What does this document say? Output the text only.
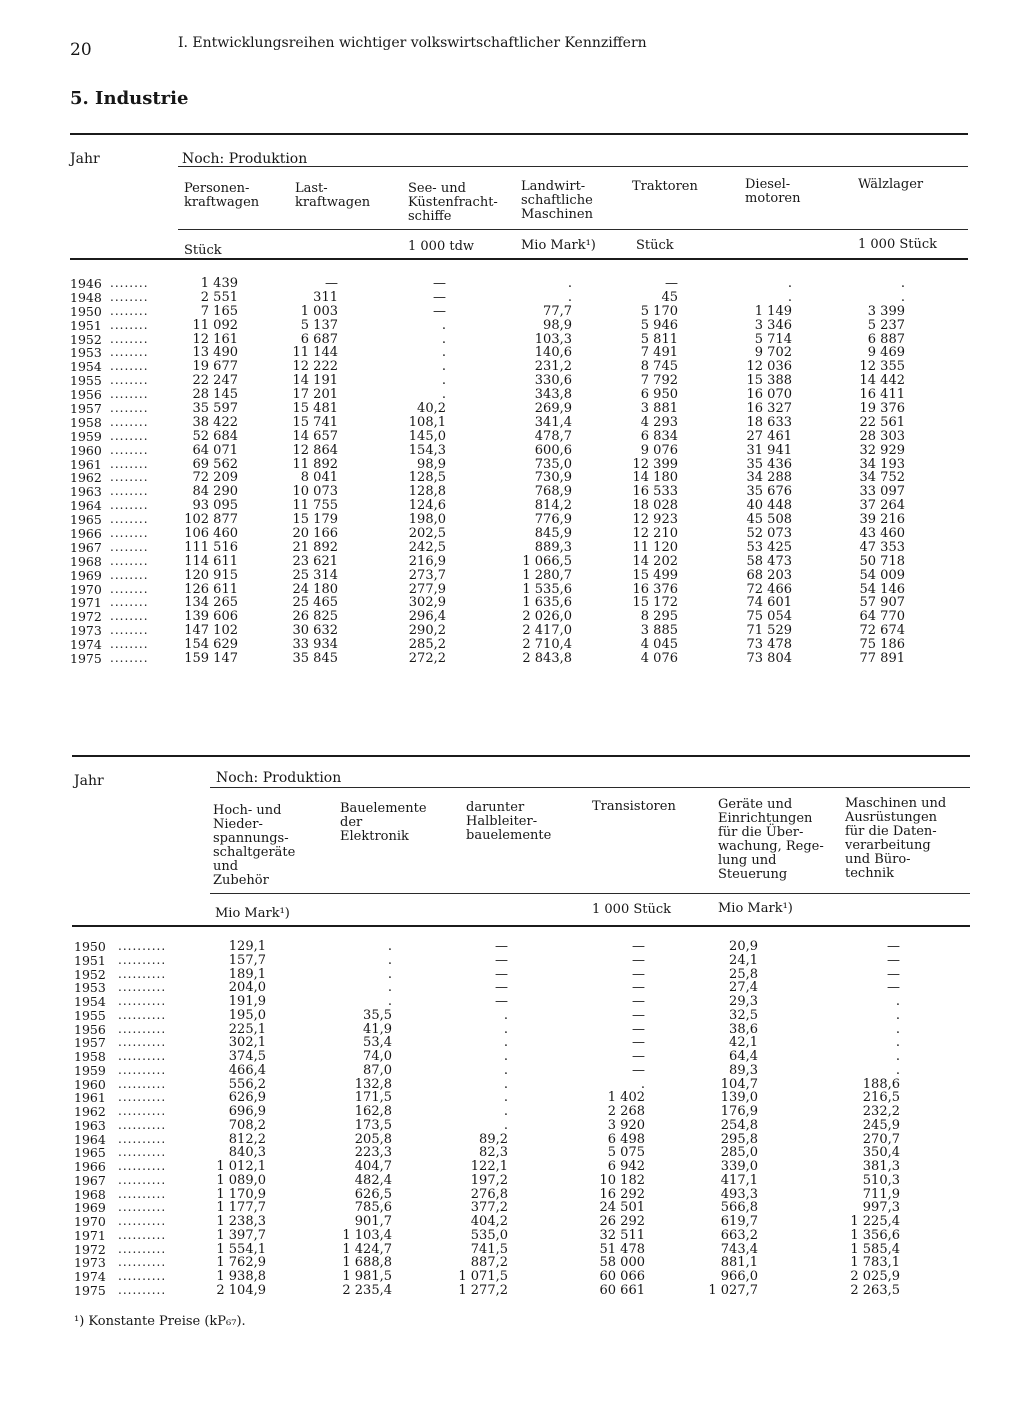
20	I. Entwicklungsreihen wichtiger volkswirtschaftlicher Kennziffern
5. Industrie
Jahr	Noch: Produktion
Personen-
kraftwagen
Last-
kraftwagen
See- und
Küstenfracht-
schiffe
Landwirt-
schaftliche
Maschinen
Traktoren	Diesel-
motoren
Wälzlager
Stück	1 000 tdw	Mio Mark¹)	Stück	1 000 Stück
1946 ........	1 439	—	—	.	—	.	.
1948 ........	2 551	311	—	.	45	.	.
1950 ........	7 165	1 003	—	77,7	5 170	1 149	3 399
1951 ........	11 092	5 137	.	98,9	5 946	3 346	5 237
1952 ........	12 161	6 687	.	103,3	5 811	5 714	6 887
1953 ........	13 490	11 144	.	140,6	7 491	9 702	9 469
1954 ........	19 677	12 222	.	231,2	8 745	12 036	12 355
1955 ........	22 247	14 191	.	330,6	7 792	15 388	14 442
1956 ........	28 145	17 201	.	343,8	6 950	16 070	16 411
1957 ........	35 597	15 481	40,2	269,9	3 881	16 327	19 376
1958 ........	38 422	15 741	108,1	341,4	4 293	18 633	22 561
1959 ........	52 684	14 657	145,0	478,7	6 834	27 461	28 303
1960 ........	64 071	12 864	154,3	600,6	9 076	31 941	32 929
1961 ........	69 562	11 892	98,9	735,0	12 399	35 436	34 193
1962 ........	72 209	8 041	128,5	730,9	14 180	34 288	34 752
1963 ........	84 290	10 073	128,8	768,9	16 533	35 676	33 097
1964 ........	93 095	11 755	124,6	814,2	18 028	40 448	37 264
1965 ........	102 877	15 179	198,0	776,9	12 923	45 508	39 216
1966 ........	106 460	20 166	202,5	845,9	12 210	52 073	43 460
1967 ........	111 516	21 892	242,5	889,3	11 120	53 425	47 353
1968 ........	114 611	23 621	216,9	1 066,5	14 202	58 473	50 718
1969 ........	120 915	25 314	273,7	1 280,7	15 499	68 203	54 009
1970 ........	126 611	24 180	277,9	1 535,6	16 376	72 466	54 146
1971 ........	134 265	25 465	302,9	1 635,6	15 172	74 601	57 907
1972 ........	139 606	26 825	296,4	2 026,0	8 295	75 054	64 770
1973 ........	147 102	30 632	290,2	2 417,0	3 885	71 529	72 674
1974 ........	154 629	33 934	285,2	2 710,4	4 045	73 478	75 186
1975 ........	159 147	35 845	272,2	2 843,8	4 076	73 804	77 891
Jahr	Noch: Produktion
Hoch- und
Nieder-
spannungs-
schaltgeräte
und
Zubehör
Bauelemente
der
Elektronik
darunter
Halbleiter-
bauelemente
Transistoren	Geräte und
Einrichtungen
für die Über-
wachung, Rege-
lung und
Steuerung
Maschinen und
Ausrüstungen
für die Daten-
verarbeitung
und Büro-
technik
Mio Mark¹)	1 000 Stück	Mio Mark¹)
1950 ..........	129,1	.	—	—	20,9	—
1951 ..........	157,7	.	—	—	24,1	—
1952 ..........	189,1	.	—	—	25,8	—
1953 ..........	204,0	.	—	—	27,4	—
1954 ..........	191,9	.	—	—	29,3	.
1955 ..........	195,0	35,5	.	—	32,5	.
1956 ..........	225,1	41,9	.	—	38,6	.
1957 ..........	302,1	53,4	.	—	42,1	.
1958 ..........	374,5	74,0	.	—	64,4	.
1959 ..........	466,4	87,0	.	—	89,3	.
1960 ..........	556,2	132,8	.	.	104,7	188,6
1961 ..........	626,9	171,5	.	1 402	139,0	216,5
1962 ..........	696,9	162,8	.	2 268	176,9	232,2
1963 ..........	708,2	173,5	.	3 920	254,8	245,9
1964 ..........	812,2	205,8	89,2	6 498	295,8	270,7
1965 ..........	840,3	223,3	82,3	5 075	285,0	350,4
1966 ..........	1 012,1	404,7	122,1	6 942	339,0	381,3
1967 ..........	1 089,0	482,4	197,2	10 182	417,1	510,3
1968 ..........	1 170,9	626,5	276,8	16 292	493,3	711,9
1969 ..........	1 177,7	785,6	377,2	24 501	566,8	997,3
1970 ..........	1 238,3	901,7	404,2	26 292	619,7	1 225,4
1971 ..........	1 397,7	1 103,4	535,0	32 511	663,2	1 356,6
1972 ..........	1 554,1	1 424,7	741,5	51 478	743,4	1 585,4
1973 ..........	1 762,9	1 688,8	887,2	58 000	881,1	1 783,1
1974 ..........	1 938,8	1 981,5	1 071,5	60 066	966,0	2 025,9
1975 ..........	2 104,9	2 235,4	1 277,2	60 661	1 027,7	2 263,5
¹) Konstante Preise (kP₆₇).
